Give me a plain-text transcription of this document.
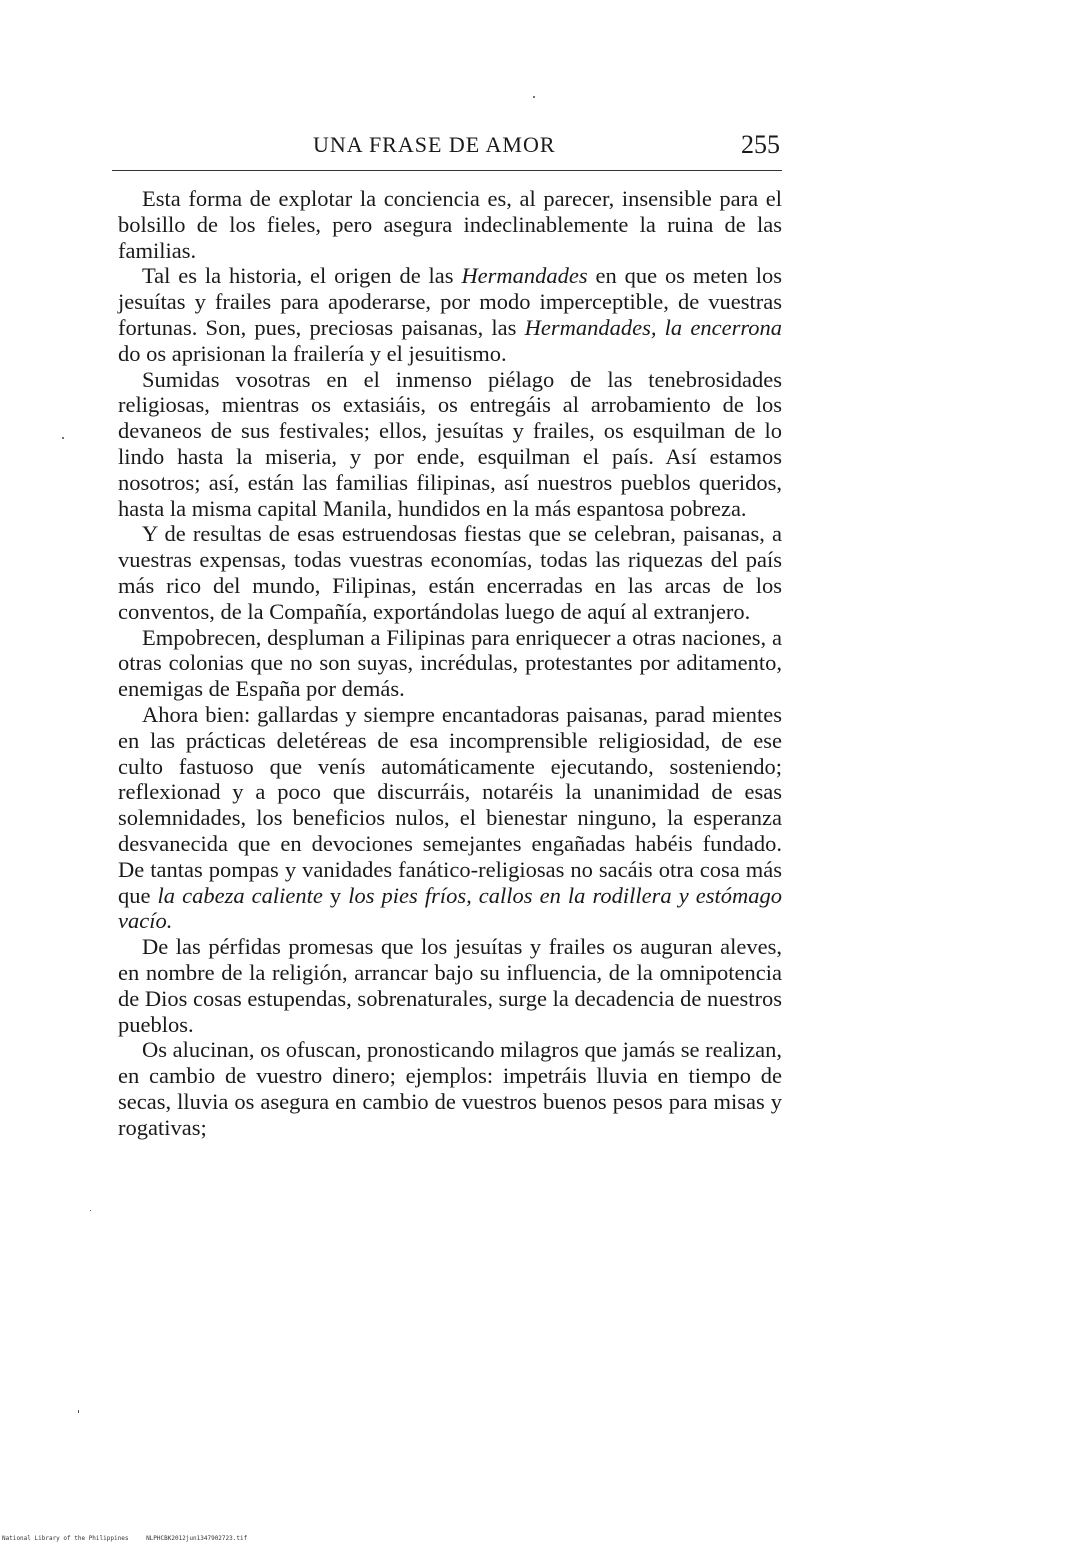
UNA FRASE DE AMOR	255

Esta forma de explotar la conciencia es, al parecer, insensible para el bolsillo de los fieles, pero asegura indeclinablemente la ruina de las familias.

Tal es la historia, el origen de las Hermandades en que os meten los jesuítas y frailes para apoderarse, por modo imperceptible, de vuestras fortunas. Son, pues, preciosas paisanas, las Hermandades, la encerrona do os aprisionan la frailería y el jesuitismo.

Sumidas vosotras en el inmenso piélago de las tenebrosidades religiosas, mientras os extasiáis, os entregáis al arrobamiento de los devaneos de sus festivales; ellos, jesuítas y frailes, os esquilman de lo lindo hasta la miseria, y por ende, esquilman el país. Así estamos nosotros; así, están las familias filipinas, así nuestros pueblos queridos, hasta la misma capital Manila, hundidos en la más espantosa pobreza.

Y de resultas de esas estruendosas fiestas que se celebran, paisanas, a vuestras expensas, todas vuestras economías, todas las riquezas del país más rico del mundo, Filipinas, están encerradas en las arcas de los conventos, de la Compañía, exportándolas luego de aquí al extranjero.

Empobrecen, despluman a Filipinas para enriquecer a otras naciones, a otras colonias que no son suyas, incrédulas, protestantes por aditamento, enemigas de España por demás.

Ahora bien: gallardas y siempre encantadoras paisanas, parad mientes en las prácticas deletéreas de esa incomprensible religiosidad, de ese culto fastuoso que venís automáticamente ejecutando, sosteniendo; reflexionad y a poco que discurráis, notaréis la unanimidad de esas solemnidades, los beneficios nulos, el bienestar ninguno, la esperanza desvanecida que en devociones semejantes engañadas habéis fundado. De tantas pompas y vanidades fanático-religiosas no sacáis otra cosa más que la cabeza caliente y los pies fríos, callos en la rodillera y estómago vacío.

De las pérfidas promesas que los jesuítas y frailes os auguran aleves, en nombre de la religión, arrancar bajo su influencia, de la omnipotencia de Dios cosas estupendas, sobrenaturales, surge la decadencia de nuestros pueblos.

Os alucinan, os ofuscan, pronosticando milagros que jamás se realizan, en cambio de vuestro dinero; ejemplos: impetráis lluvia en tiempo de secas, lluvia os asegura en cambio de vuestros buenos pesos para misas y rogativas;

National Library of the Philippines	NLPHCBK2012jun1347902723.tif
